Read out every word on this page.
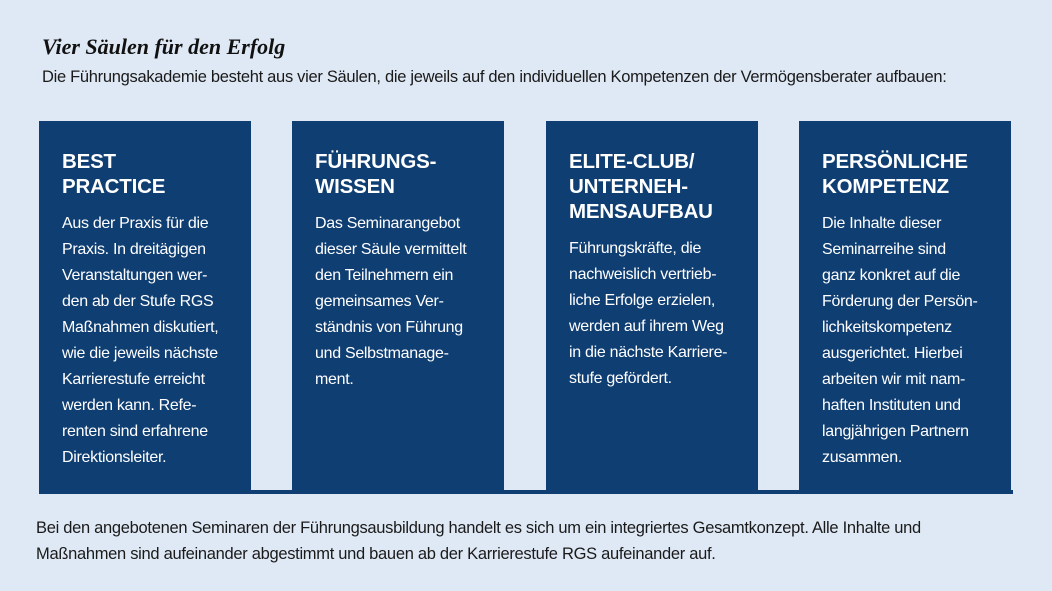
Vier Säulen für den Erfolg
Die Führungsakademie besteht aus vier Säulen, die jeweils auf den individuellen Kompetenzen der Vermögensberater aufbauen:
BEST
PRACTICE
Aus der Praxis für die
Praxis. In dreitägigen
Veranstaltungen wer-
den ab der Stufe RGS
Maßnahmen diskutiert,
wie die jeweils nächste
Karrierestufe erreicht
werden kann. Refe-
renten sind erfahrene
Direktionsleiter.
FÜHRUNGS-
WISSEN
Das Seminarangebot
dieser Säule vermittelt
den Teilnehmern ein
gemeinsames Ver-
ständnis von Führung
und Selbstmanage-
ment.
ELITE-CLUB/
UNTERNEH-
MENSAUFBAU
Führungskräfte, die
nachweislich vertrieb-
liche Erfolge erzielen,
werden auf ihrem Weg
in die nächste Karriere-
stufe gefördert.
PERSÖNLICHE
KOMPETENZ
Die Inhalte dieser
Seminarreihe sind
ganz konkret auf die
Förderung der Persön-
lichkeitskompetenz
ausgerichtet. Hierbei
arbeiten wir mit nam-
haften Instituten und
langjährigen Partnern
zusammen.
Bei den angebotenen Seminaren der Führungsausbildung handelt es sich um ein integriertes Gesamtkonzept. Alle Inhalte und
Maßnahmen sind aufeinander abgestimmt und bauen ab der Karrierestufe RGS aufeinander auf.
